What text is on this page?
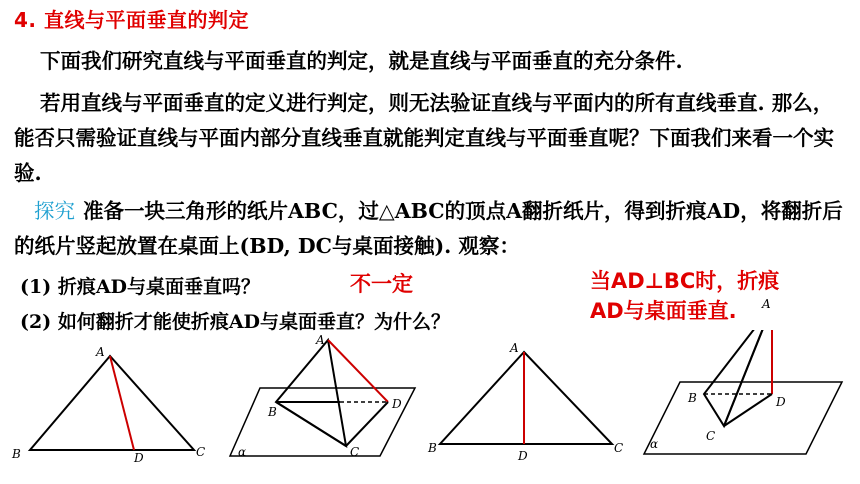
4. 直线与平面垂直的判定
下面我们研究直线与平面垂直的判定，就是直线与平面垂直的充分条件.
若用直线与平面垂直的定义进行判定，则无法验证直线与平面内的所有直线垂直. 那么，能否只需验证直线与平面内部分直线垂直就能判定直线与平面垂直呢？下面我们来看一个实验.
探究 准备一块三角形的纸片ABC，过△ABC的顶点A翻折纸片，得到折痕AD，将翻折后的纸片竖起放置在桌面上(BD, DC与桌面接触). 观察：
(1) 折痕AD与桌面垂直吗？
(2) 如何翻折才能使折痕AD与桌面垂直？为什么？
不一定	当AD⊥BC时，折痕
AD与桌面垂直.
A
B	C
D
A
B
C
D
α
A
B	C
D
B
C
D
α
A
